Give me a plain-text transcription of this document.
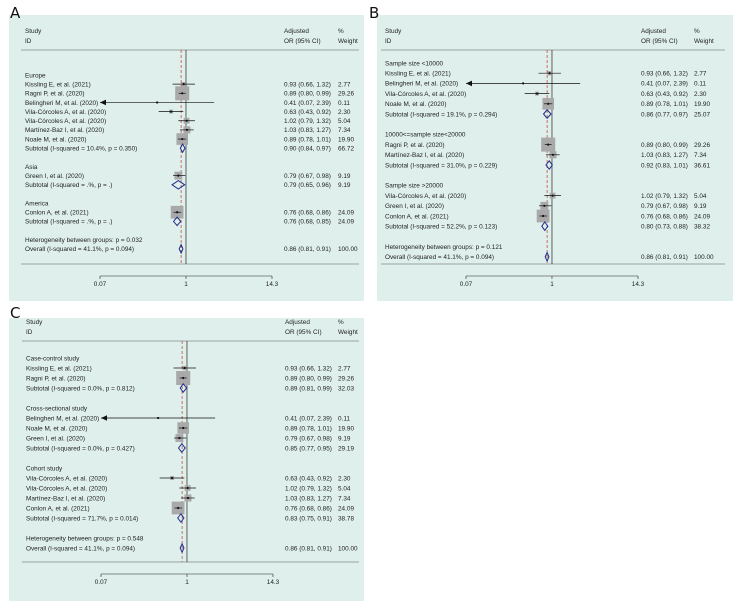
Study
ID
Adjusted
OR (95% CI)
%
Weight
Europe
Kissling E, et al. (2021)	0.93 (0.66, 1.32) 2.77
Ragni P, et al. (2020)	0.89 (0.80, 0.99) 29.26
Belingheri M, et al. (2020)	0.41 (0.07, 2.39) 0.11
Vila-Córcoles A, et al. (2020)	0.63 (0.43, 0.92) 2.30
Vila-Córcoles A, et al. (2020)	1.02 (0.79, 1.32) 5.04
Martínez-Baz I, et al. (2020)	1.03 (0.83, 1.27) 7.34
Noale M, et al. (2020)	0.89 (0.78, 1.01) 19.90
Subtotal (I-squared = 10.4%, p = 0.350)	0.90 (0.84, 0.97) 66.72
Asia
Green I, et al. (2020)	0.79 (0.67, 0.98) 9.19
Subtotal (I-squared = .%, p = .)	0.79 (0.65, 0.96) 9.19
America
Conlon A, et al. (2021)	0.76 (0.68, 0.86) 24.09
Subtotal (I-squared = .%, p = .)	0.76 (0.68, 0.85) 24.09
Heterogeneity between groups: p = 0.032
Overall (I-squared = 41.1%, p = 0.094)	0.86 (0.81, 0.91) 100.00
0.07	1	14.3
A
Study
ID
Adjusted
OR (95% CI)
%
Weight
Sample size <10000
Kissling E, et al. (2021)	0.93 (0.66, 1.32) 2.77
Belingheri M, et al. (2020)	0.41 (0.07, 2.39) 0.11
Vila-Córcoles A, et al. (2020)	0.63 (0.43, 0.92) 2.30
Noale M, et al. (2020)	0.89 (0.78, 1.01) 19.90
Subtotal (I-squared = 19.1%, p = 0.294)	0.86 (0.77, 0.97) 25.07
10000<=sample size<20000
Ragni P, et al. (2020)	0.89 (0.80, 0.99) 29.26
Martínez-Baz I, et al. (2020)	1.03 (0.83, 1.27) 7.34
Subtotal (I-squared = 31.0%, p = 0.229)	0.92 (0.83, 1.01) 36.61
Sample size >20000
Vila-Córcoles A, et al. (2020)	1.02 (0.79, 1.32) 5.04
Green I, et al. (2020)	0.79 (0.67, 0.98) 9.19
Conlon A, et al. (2021)	0.76 (0.68, 0.86) 24.09
Subtotal (I-squared = 52.2%, p = 0.123)	0.80 (0.73, 0.88) 38.32
Heterogeneity between groups: p = 0.121
Overall (I-squared = 41.1%, p = 0.094)	0.86 (0.81, 0.91) 100.00
0.07	1	14.3
B
Study
ID
Adjusted
OR (95% CI)
%
Weight
Case-control study
Kissling E, et al. (2021)	0.93 (0.66, 1.32) 2.77
Ragni P, et al. (2020)	0.89 (0.80, 0.99) 29.26
Subtotal (I-squared = 0.0%, p = 0.812)	0.89 (0.81, 0.99) 32.03
Cross-sectional study
Belingheri M, et al. (2020)	0.41 (0.07, 2.39) 0.11
Noale M, et al. (2020)	0.89 (0.78, 1.01) 19.90
Green I, et al. (2020)	0.79 (0.67, 0.98) 9.19
Subtotal (I-squared = 0.0%, p = 0.427)	0.85 (0.77, 0.95) 29.19
Cohort study
Vila-Córcoles A, et al. (2020)	0.63 (0.43, 0.92) 2.30
Vila-Córcoles A, et al. (2020)	1.02 (0.79, 1.32) 5.04
Martínez-Baz I, et al. (2020)	1.03 (0.83, 1.27) 7.34
Conlon A, et al. (2021)	0.76 (0.68, 0.86) 24.09
Subtotal (I-squared = 71.7%, p = 0.014)	0.83 (0.75, 0.91) 38.78
Heterogeneity between groups: p = 0.548
Overall (I-squared = 41.1%, p = 0.094)	0.86 (0.81, 0.91) 100.00
0.07	1	14.3
C
